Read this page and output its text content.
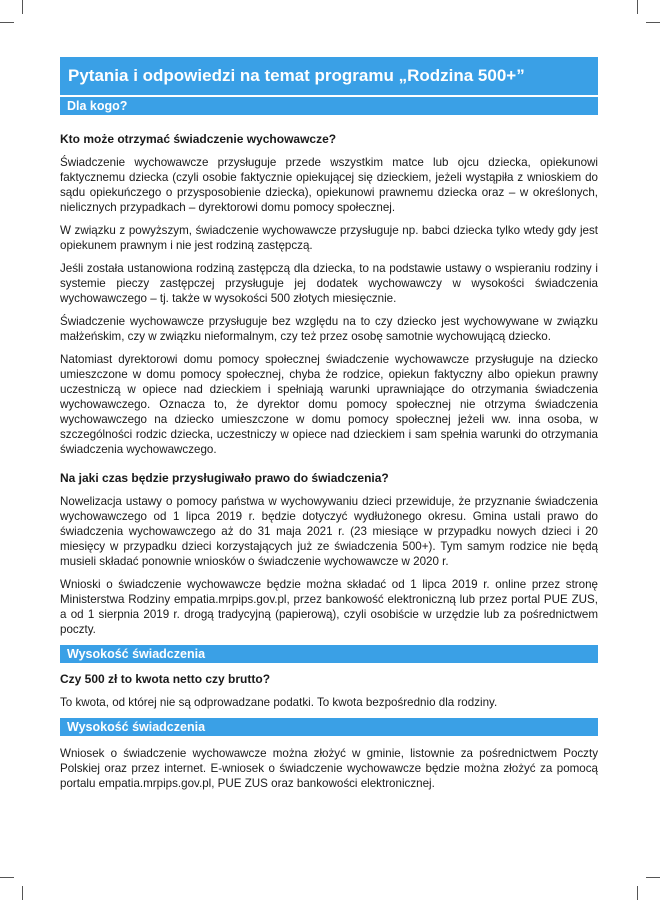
Pytania i odpowiedzi na temat programu „Rodzina 500+”
Dla kogo?
Kto może otrzymać świadczenie wychowawcze?

Świadczenie wychowawcze przysługuje przede wszystkim matce lub ojcu dziecka, opiekunowi faktycznemu dziecka (czyli osobie faktycznie opiekującej się dzieckiem, jeżeli wystąpiła z wnioskiem do sądu opiekuńczego o przysposobienie dziecka), opiekunowi prawnemu dziecka oraz – w określonych, nielicznych przypadkach – dyrektorowi domu pomocy społecznej.

W związku z powyższym, świadczenie wychowawcze przysługuje np. babci dziecka tylko wtedy gdy jest opiekunem prawnym i nie jest rodziną zastępczą.

Jeśli została ustanowiona rodziną zastępczą dla dziecka, to na podstawie ustawy o wspieraniu rodziny i systemie pieczy zastępczej przysługuje jej dodatek wychowawczy w wysokości świadczenia wychowawczego – tj. także w wysokości 500 złotych miesięcznie.

Świadczenie wychowawcze przysługuje bez względu na to czy dziecko jest wychowywane w związku małżeńskim, czy w związku nieformalnym, czy też przez osobę samotnie wychowującą dziecko.

Natomiast dyrektorowi domu pomocy społecznej świadczenie wychowawcze przysługuje na dziecko umieszczone w domu pomocy społecznej, chyba że rodzice, opiekun faktyczny albo opiekun prawny uczestniczą w opiece nad dzieckiem i spełniają warunki uprawniające do otrzymania świadczenia wychowawczego. Oznacza to, że dyrektor domu pomocy społecznej nie otrzyma świadczenia wychowawczego na dziecko umieszczone w domu pomocy społecznej jeżeli ww. inna osoba, w szczególności rodzic dziecka, uczestniczy w opiece nad dzieckiem i sam spełnia warunki do otrzymania świadczenia wychowawczego.

Na jaki czas będzie przysługiwało prawo do świadczenia?

Nowelizacja ustawy o pomocy państwa w wychowywaniu dzieci przewiduje, że przyznanie świadczenia wychowawczego od 1 lipca 2019 r. będzie dotyczyć wydłużonego okresu. Gmina ustali prawo do świadczenia wychowawczego aż do 31 maja 2021 r. (23 miesiące w przypadku nowych dzieci i 20 miesięcy w przypadku dzieci korzystających już ze świadczenia 500+). Tym samym rodzice nie będą musieli składać ponownie wniosków o świadczenie wychowawcze w 2020 r.

Wnioski o świadczenie wychowawcze będzie można składać od 1 lipca 2019 r. online przez stronę Ministerstwa Rodziny empatia.mrpips.gov.pl, przez bankowość elektroniczną lub przez portal PUE ZUS, a od 1 sierpnia 2019 r. drogą tradycyjną (papierową), czyli osobiście w urzędzie lub za pośrednictwem poczty.

Wysokość świadczenia
Czy 500 zł to kwota netto czy brutto?

To kwota, od której nie są odprowadzane podatki. To kwota bezpośrednio dla rodziny.

Wysokość świadczenia

Wniosek o świadczenie wychowawcze można złożyć w gminie, listownie za pośrednictwem Poczty Polskiej oraz przez internet. E-wniosek o świadczenie wychowawcze będzie można złożyć za pomocą portalu empatia.mrpips.gov.pl, PUE ZUS oraz bankowości elektronicznej.
